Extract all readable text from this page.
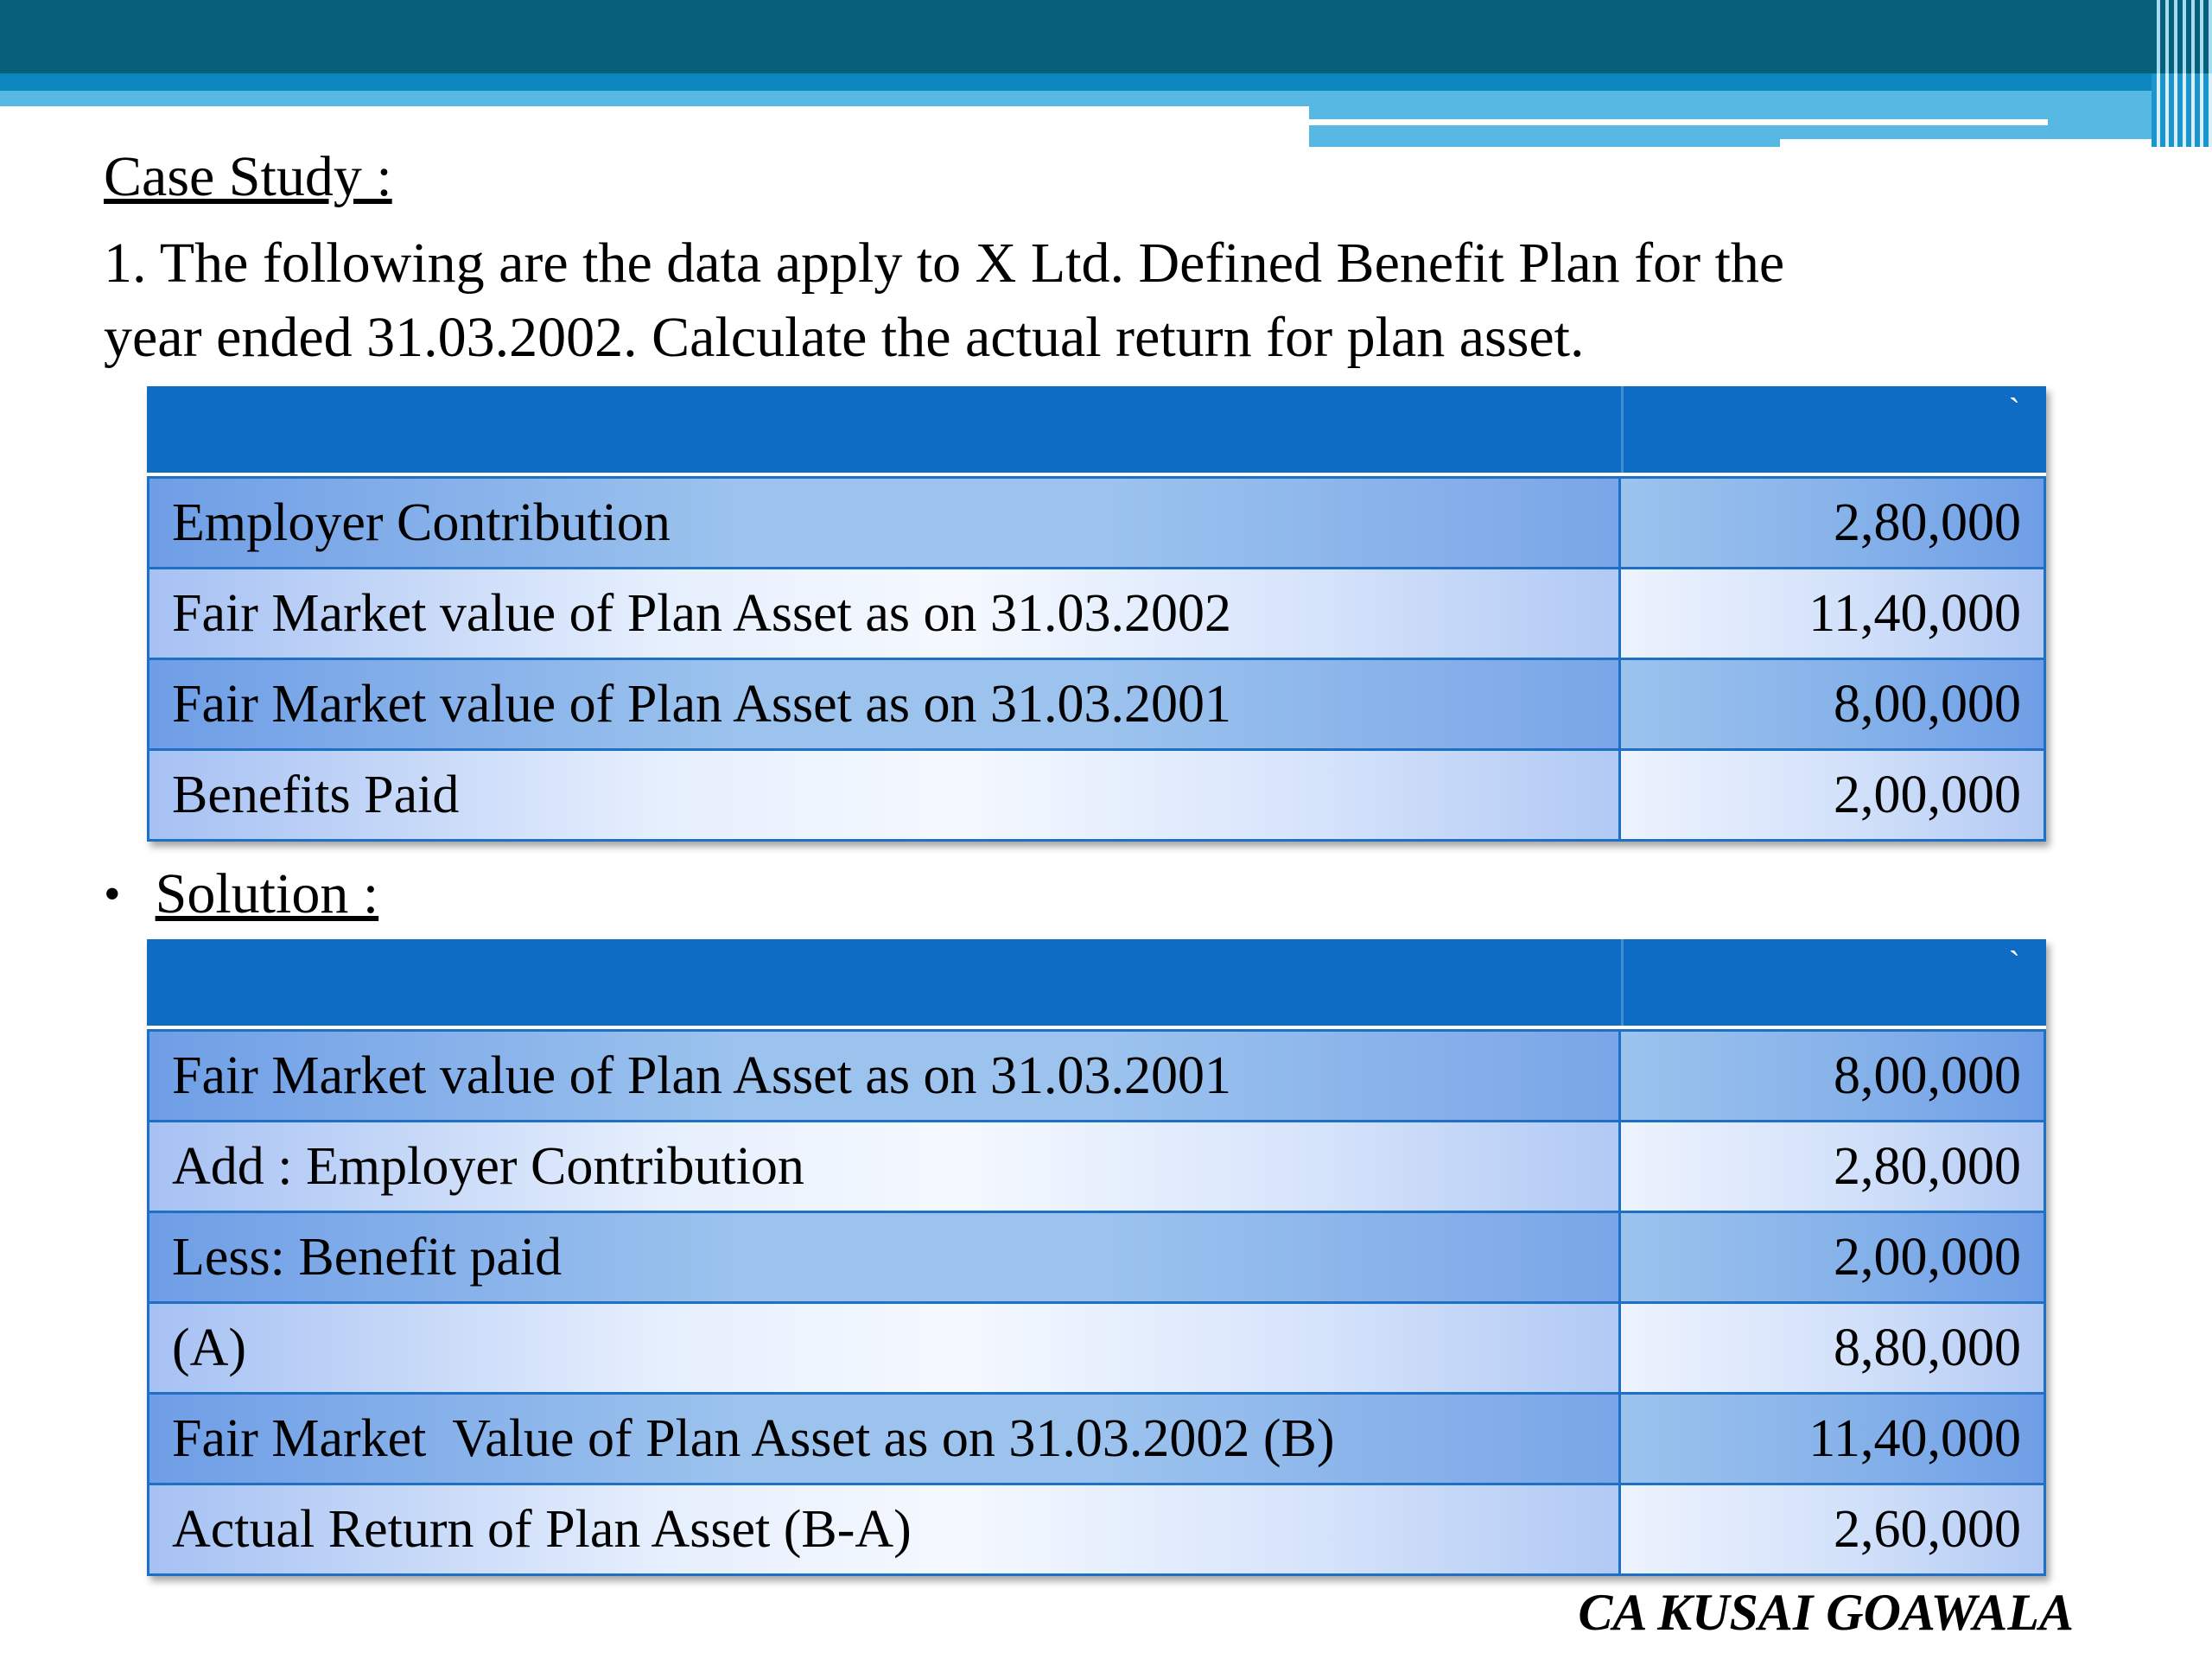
Case Study :
1. The following are the data apply to X Ltd. Defined Benefit Plan for the
year ended 31.03.2002. Calculate the actual return for plan asset.
`
Employer Contribution	2,80,000
Fair Market value of Plan Asset as on 31.03.2002	11,40,000
Fair Market value of Plan Asset as on 31.03.2001	8,00,000
Benefits Paid	2,00,000
• Solution :
`
Fair Market value of Plan Asset as on 31.03.2001	8,00,000
Add : Employer Contribution	2,80,000
Less: Benefit paid	2,00,000
(A)	8,80,000
Fair Market  Value of Plan Asset as on 31.03.2002 (B)	11,40,000
Actual Return of Plan Asset (B-A)	2,60,000
CA KUSAI GOAWALA
